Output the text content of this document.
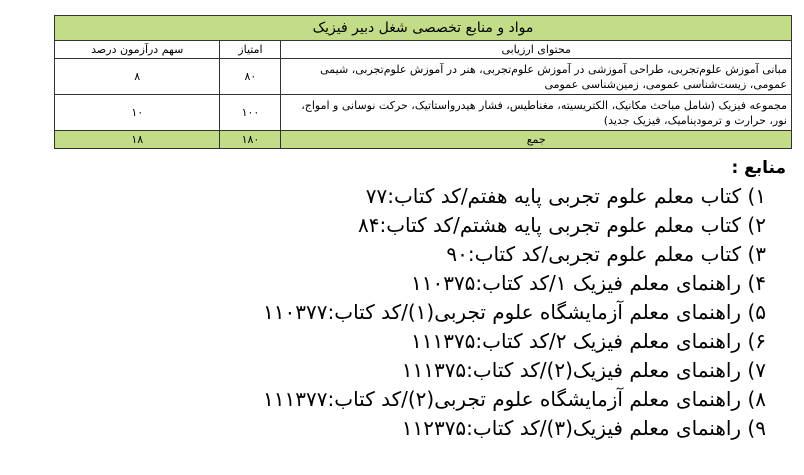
مواد و منابع تخصصی شغل دبیر فیزیک		
محتوای ارزیابی	امتیاز	سهم درآزمون درصد
مبانی آموزش علوم‌تجربی، طراحی آموزشی در آموزش علوم‌تجربی، هنر در آموزش علوم‌تجربی، شیمی عمومی، زیست‌شناسی عمومی، زمین‌شناسی عمومی	۸۰	۸
مجموعه فیزیک (شامل مباحث مکانیک، الکتریسیته، مغناطیس، فشار هیدرواستاتیک، حرکت نوسانی و امواج، نور، حرارت و ترمودینامیک، فیزیک جدید)	۱۰۰	۱۰
جمع	۱۸۰	۱۸
منابع :
۱) کتاب معلم علوم تجربی پایه هفتم/کد کتاب:۷۷
۲) کتاب معلم علوم تجربی پایه هشتم/کد کتاب:۸۴
۳) کتاب معلم علوم تجربی/کد کتاب:۹۰
۴) راهنمای معلم فیزیک ۱/کد کتاب:۱۱۰۳۷۵
۵) راهنمای معلم آزمایشگاه علوم تجربی(۱)/کد کتاب:۱۱۰۳۷۷
۶) راهنمای معلم فیزیک ۲/کد کتاب:۱۱۱۳۷۵
۷) راهنمای معلم فیزیک(۲)/کد کتاب:۱۱۱۳۷۵
۸) راهنمای معلم آزمایشگاه علوم تجربی(۲)/کد کتاب:۱۱۱۳۷۷
۹) راهنمای معلم فیزیک(۳)/کد کتاب:۱۱۲۳۷۵
